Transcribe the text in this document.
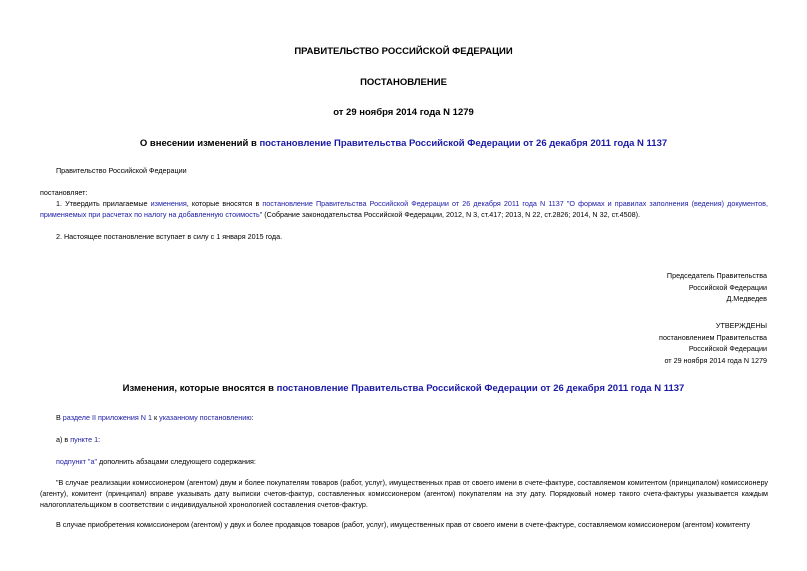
ПРАВИТЕЛЬСТВО РОССИЙСКОЙ ФЕДЕРАЦИИ
ПОСТАНОВЛЕНИЕ
от 29 ноября 2014 года N 1279
О внесении изменений в постановление Правительства Российской Федерации от 26 декабря 2011 года N 1137
Правительство Российской Федерации
постановляет:
1. Утвердить прилагаемые изменения, которые вносятся в постановление Правительства Российской Федерации от 26 декабря 2011 года N 1137 "О формах и правилах заполнения (ведения) документов, применяемых при расчетах по налогу на добавленную стоимость" (Собрание законодательства Российской Федерации, 2012, N 3, ст.417; 2013, N 22, ст.2826; 2014, N 32, ст.4508).
2. Настоящее постановление вступает в силу с 1 января 2015 года.
Председатель Правительства
Российской Федерации
Д.Медведев
УТВЕРЖДЕНЫ
постановлением Правительства
Российской Федерации
от 29 ноября 2014 года N 1279
Изменения, которые вносятся в постановление Правительства Российской Федерации от 26 декабря 2011 года N 1137
В разделе II приложения N 1 к указанному постановлению:
а) в пункте 1:
подпункт "а" дополнить абзацами следующего содержания:
"В случае реализации комиссионером (агентом) двум и более покупателям товаров (работ, услуг), имущественных прав от своего имени в счете-фактуре, составляемом комитентом (принципалом) комиссионеру (агенту), комитент (принципал) вправе указывать дату выписки счетов-фактур, составленных комиссионером (агентом) покупателям на эту дату. Порядковый номер такого счета-фактуры указывается каждым налогоплательщиком в соответствии с индивидуальной хронологией составления счетов-фактур.
В случае приобретения комиссионером (агентом) у двух и более продавцов товаров (работ, услуг), имущественных прав от своего имени в счете-фактуре, составляемом комиссионером (агентом) комитенту
